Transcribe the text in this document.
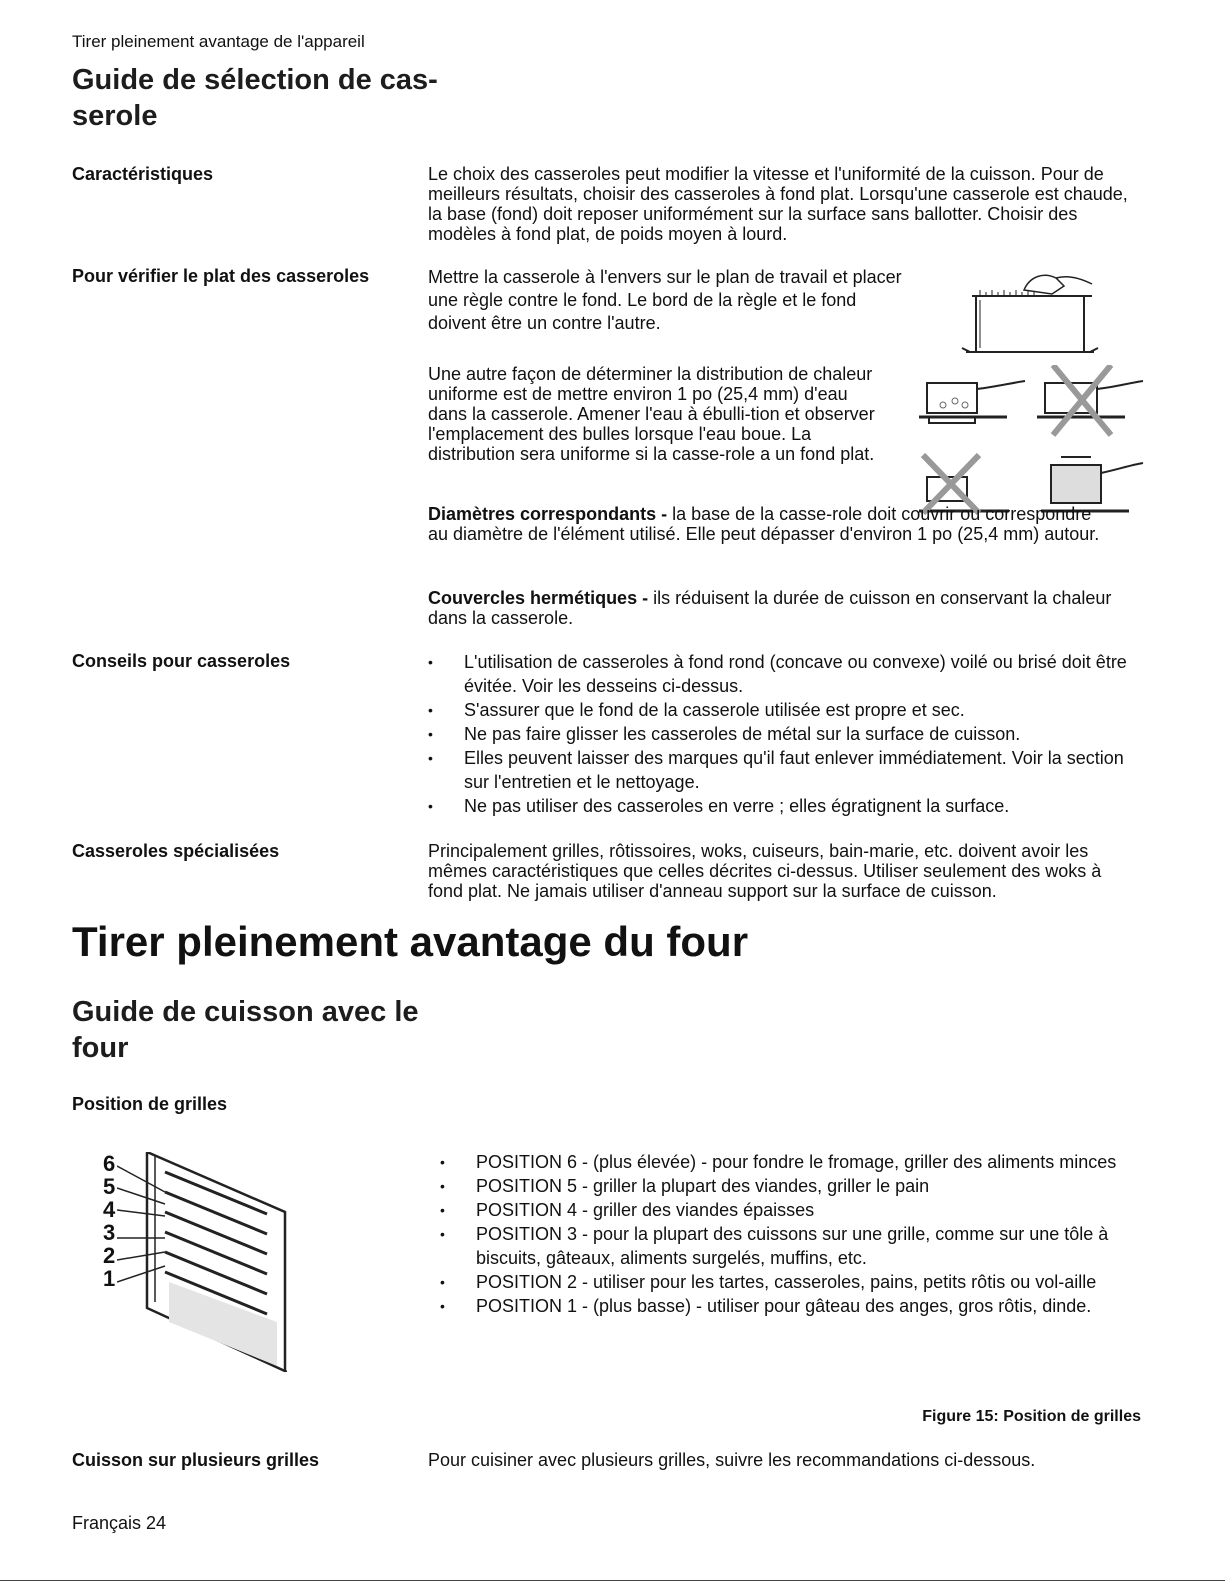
Tirer pleinement avantage de l'appareil
Guide de sélection de cas-
serole
Caractéristiques	Le choix des casseroles peut modifier la vitesse et l'uniformité de la cuisson. Pour de meilleurs résultats, choisir des casseroles à fond plat. Lorsqu'une casserole est chaude, la base (fond) doit reposer uniformément sur la surface sans ballotter. Choisir des modèles à fond plat, de poids moyen à lourd.
Pour vérifier le plat des casseroles	Mettre la casserole à l'envers sur le plan de travail et placer une règle contre le fond. Le bord de la règle et le fond doivent être un contre l'autre.
Une autre façon de déterminer la distribution de chaleur uniforme est de mettre environ 1 po (25,4 mm) d'eau dans la casserole. Amener l'eau à ébulli-tion et observer l'emplacement des bulles lorsque l'eau boue. La distribution sera uniforme si la casse-role a un fond plat.
Diamètres correspondants - la base de la casse-role doit couvrir ou correspondre au diamètre de l'élément utilisé. Elle peut dépasser d'environ 1 po (25,4 mm) autour.
Couvercles hermétiques - ils réduisent la durée de cuisson en conservant la chaleur dans la casserole.
Conseils pour casseroles
•	L'utilisation de casseroles à fond rond (concave ou convexe) voilé ou brisé doit être évitée. Voir les desseins ci-dessus.
• S'assurer que le fond de la casserole utilisée est propre et sec.
• Ne pas faire glisser les casseroles de métal sur la surface de cuisson.
• Elles peuvent laisser des marques qu'il faut enlever immédiatement. Voir la section sur l'entretien et le nettoyage.
• Ne pas utiliser des casseroles en verre ; elles égratignent la surface.
Casseroles spécialisées	Principalement grilles, rôtissoires, woks, cuiseurs, bain-marie, etc. doivent avoir les mêmes caractéristiques que celles décrites ci-dessus. Utiliser seulement des woks à fond plat. Ne jamais utiliser d'anneau support sur la surface de cuisson.
Tirer pleinement avantage du four
Guide de cuisson avec le
four
Position de grilles
6
5
4
3
2
1
• POSITION 6 - (plus élevée) - pour fondre le fromage, griller des aliments minces
• POSITION 5 - griller la plupart des viandes, griller le pain
• POSITION 4 - griller des viandes épaisses
• POSITION 3 - pour la plupart des cuissons sur une grille, comme sur une tôle à biscuits, gâteaux, aliments surgelés, muffins, etc.
• POSITION 2 - utiliser pour les tartes, casseroles, pains, petits rôtis ou vol-aille
• POSITION 1 - (plus basse) - utiliser pour gâteau des anges, gros rôtis, dinde.
Figure 15: Position de grilles
Cuisson sur plusieurs grilles	Pour cuisiner avec plusieurs grilles, suivre les recommandations ci-dessous.
Français 24
